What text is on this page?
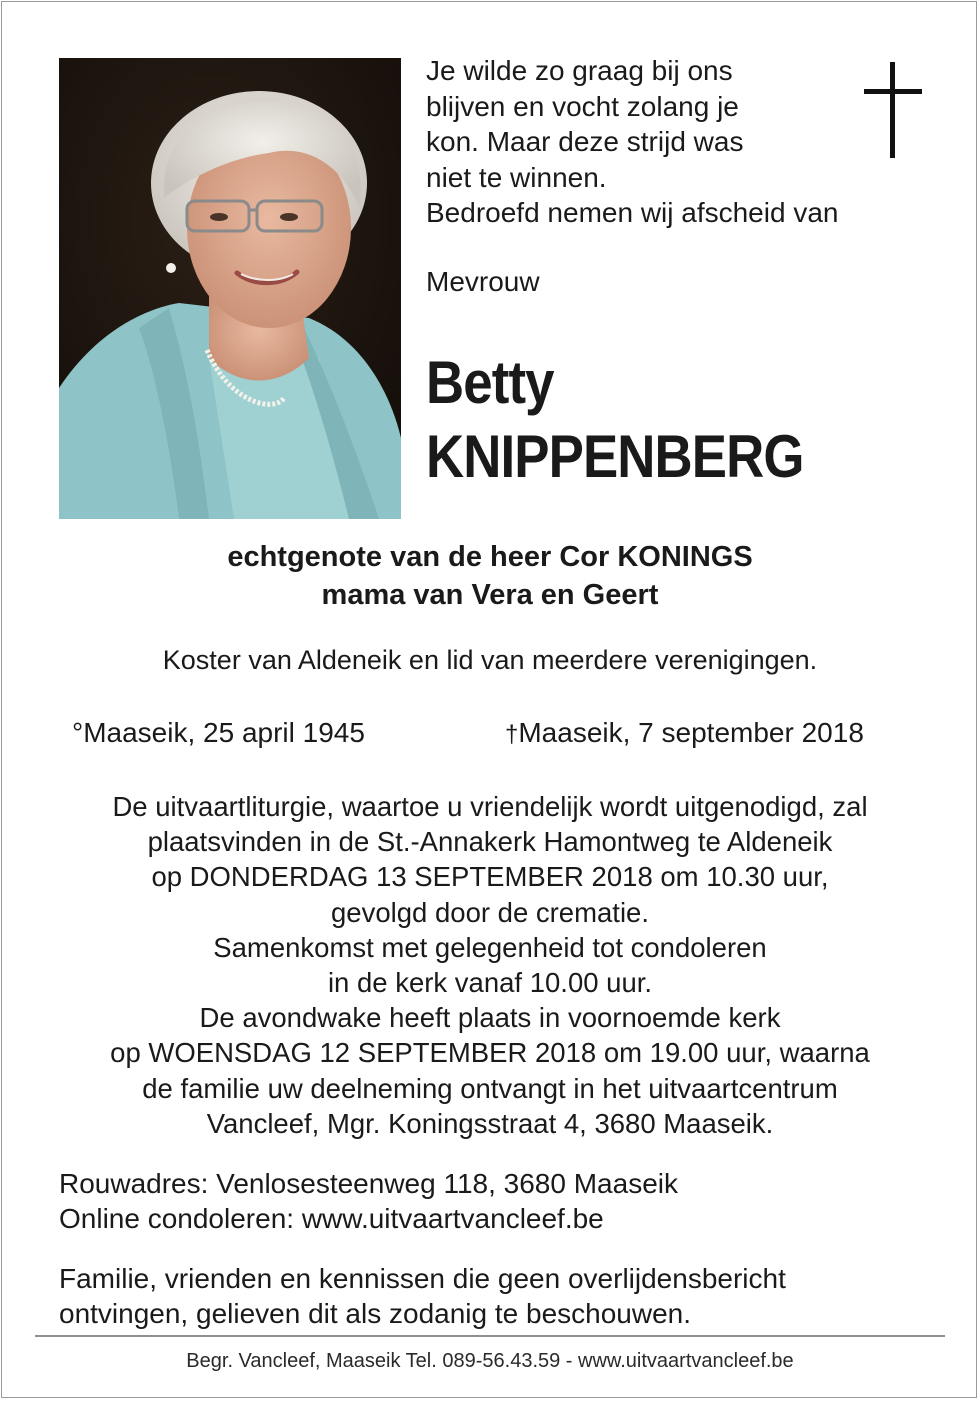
Je wilde zo graag bij ons
blijven en vocht zolang je
kon. Maar deze strijd was
niet te winnen.
Bedroefd nemen wij afscheid van
Mevrouw
Betty
KNIPPENBERG
echtgenote van de heer Cor KONINGS
mama van Vera en Geert
Koster van Aldeneik en lid van meerdere verenigingen.
°Maaseik, 25 april 1945	†Maaseik, 7 september 2018
De uitvaartliturgie, waartoe u vriendelijk wordt uitgenodigd, zal
plaatsvinden in de St.-Annakerk Hamontweg te Aldeneik
op DONDERDAG 13 SEPTEMBER 2018 om 10.30 uur,
gevolgd door de crematie.
Samenkomst met gelegenheid tot condoleren
in de kerk vanaf 10.00 uur.
De avondwake heeft plaats in voornoemde kerk
op WOENSDAG 12 SEPTEMBER 2018 om 19.00 uur, waarna
de familie uw deelneming ontvangt in het uitvaartcentrum
Vancleef, Mgr. Koningsstraat 4, 3680 Maaseik.
Rouwadres: Venlosesteenweg 118, 3680 Maaseik
Online condoleren: www.uitvaartvancleef.be
Familie, vrienden en kennissen die geen overlijdensbericht
ontvingen, gelieven dit als zodanig te beschouwen.
Begr. Vancleef, Maaseik Tel. 089-56.43.59 - www.uitvaartvancleef.be
